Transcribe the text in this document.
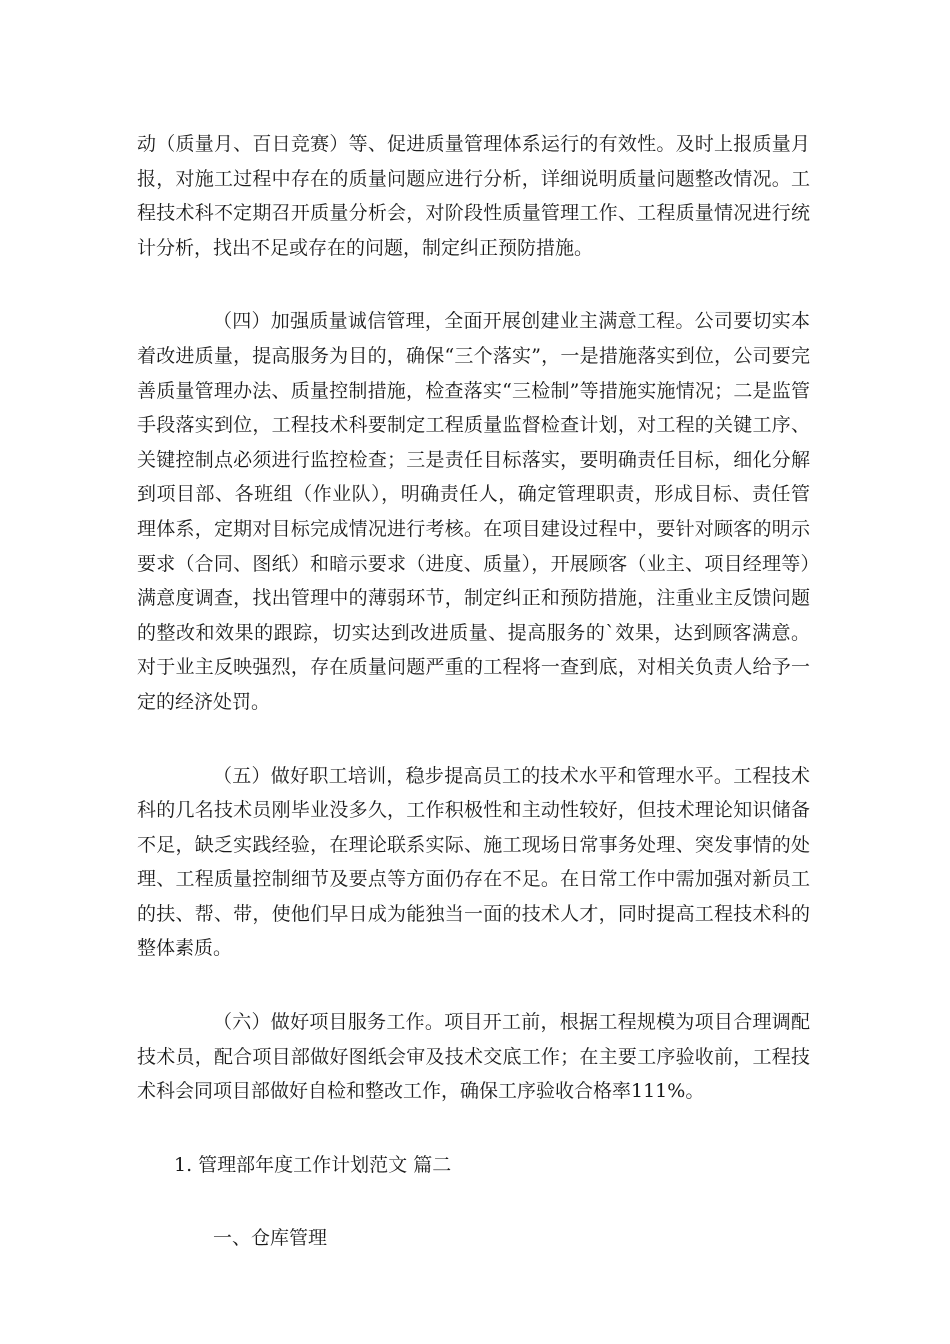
动（质量月、百日竞赛）等、促进质量管理体系运行的有效性。及时上报质量月报，对施工过程中存在的质量问题应进行分析，详细说明质量问题整改情况。工程技术科不定期召开质量分析会，对阶段性质量管理工作、工程质量情况进行统计分析，找出不足或存在的问题，制定纠正预防措施。

（四）加强质量诚信管理，全面开展创建业主满意工程。公司要切实本着改进质量，提高服务为目的，确保“三个落实”，一是措施落实到位，公司要完善质量管理办法、质量控制措施，检查落实“三检制”等措施实施情况；二是监管手段落实到位，工程技术科要制定工程质量监督检查计划，对工程的关键工序、关键控制点必须进行监控检查；三是责任目标落实，要明确责任目标，细化分解到项目部、各班组（作业队），明确责任人，确定管理职责，形成目标、责任管理体系，定期对目标完成情况进行考核。在项目建设过程中，要针对顾客的明示要求（合同、图纸）和暗示要求（进度、质量），开展顾客（业主、项目经理等）满意度调查，找出管理中的薄弱环节，制定纠正和预防措施，注重业主反馈问题的整改和效果的跟踪，切实达到改进质量、提高服务的`效果，达到顾客满意。对于业主反映强烈，存在质量问题严重的工程将一查到底，对相关负责人给予一定的经济处罚。

（五）做好职工培训，稳步提高员工的技术水平和管理水平。工程技术科的几名技术员刚毕业没多久，工作积极性和主动性较好，但技术理论知识储备不足，缺乏实践经验，在理论联系实际、施工现场日常事务处理、突发事情的处理、工程质量控制细节及要点等方面仍存在不足。在日常工作中需加强对新员工的扶、帮、带，使他们早日成为能独当一面的技术人才，同时提高工程技术科的整体素质。

（六）做好项目服务工作。项目开工前，根据工程规模为项目合理调配技术员，配合项目部做好图纸会审及技术交底工作；在主要工序验收前，工程技术科会同项目部做好自检和整改工作，确保工序验收合格率111%。

1. 管理部年度工作计划范文 篇二
一、仓库管理
